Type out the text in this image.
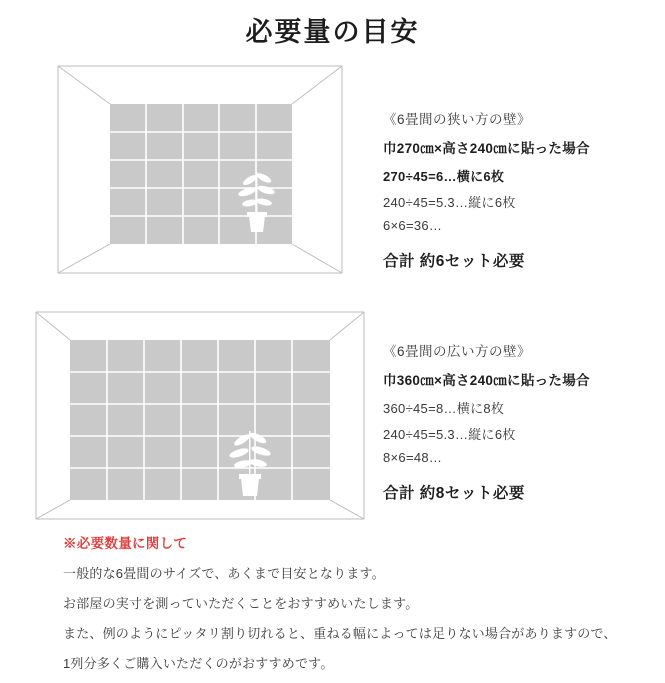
必要量の目安
《6畳間の狭い方の壁》
巾270㎝×高さ240㎝に貼った場合
270÷45=6…横に6枚
240÷45=5.3…縦に6枚
6×6=36…
合計 約6セット必要
《6畳間の広い方の壁》
巾360㎝×高さ240㎝に貼った場合
360÷45=8…横に8枚
240÷45=5.3…縦に6枚
8×6=48…
合計 約8セット必要
※必要数量に関して
一般的な6畳間のサイズで、あくまで目安となります。
お部屋の実寸を測っていただくことをおすすめいたします。
また、例のようにピッタリ割り切れると、重ねる幅によっては足りない場合がありますので、
1列分多くご購入いただくのがおすすめです。
